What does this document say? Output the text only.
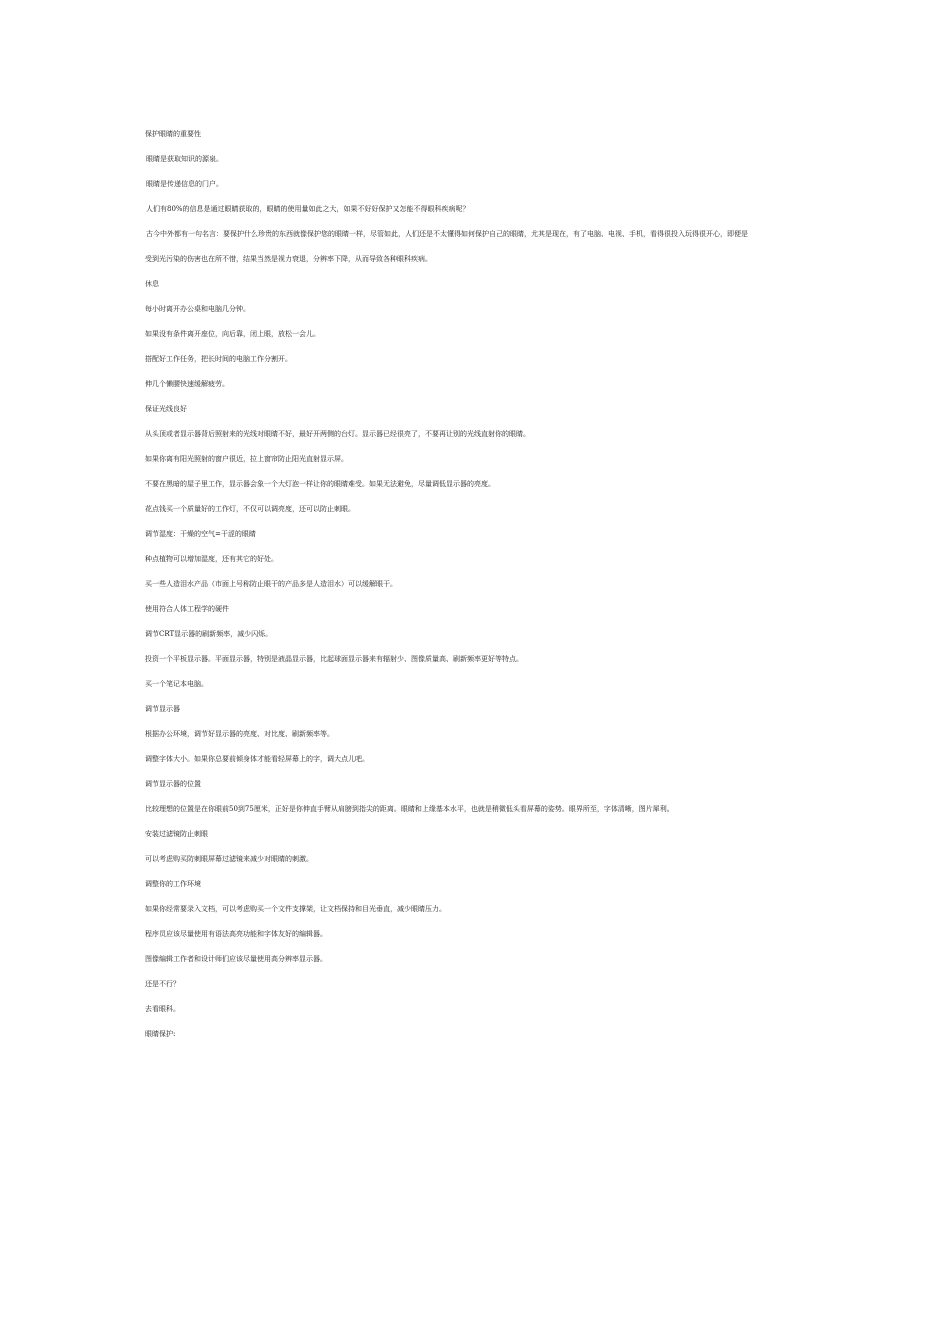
保护眼睛的重要性
眼睛是获取知识的源泉。
眼睛是传递信息的门户。
人们有80%的信息是通过眼睛获取的，眼睛的使用量如此之大，如果不好好保护又怎能不得眼科疾病呢？
古今中外都有一句名言：要保护什么珍贵的东西就像保护您的眼睛一样，尽管如此，人们还是不太懂得如何保护自己的眼睛，尤其是现在，有了电脑、电视、手机，看得很投入玩得很开心，即便是
受到光污染的伤害也在所不惜，结果当然是视力衰退，分辨率下降，从而导致各种眼科疾病。
休息
每小时离开办公桌和电脑几分钟。
如果没有条件离开座位，向后靠，闭上眼，放松一会儿。
搭配好工作任务，把长时间的电脑工作分割开。
伸几个懒腰快速缓解疲劳。
保证光线良好
从头顶或者显示器背后照射来的光线对眼睛不好，最好开两侧的台灯。显示器已经很亮了，不要再让别的光线直射你的眼睛。
如果你离有阳光照射的窗户很近，拉上窗帘防止阳光直射显示屏。
不要在黑暗的屋子里工作，显示器会象一个大灯泡一样让你的眼睛难受。如果无法避免，尽量调低显示器的亮度。
花点钱买一个质量好的工作灯，不仅可以调亮度，还可以防止刺眼。
调节湿度：干燥的空气=干涩的眼睛
种点植物可以增加湿度，还有其它的好处。
买一些人造泪水产品（市面上号称防止眼干的产品多是人造泪水）可以缓解眼干。
使用符合人体工程学的硬件
调节CRT显示器的刷新频率，减少闪烁。
投资一个平板显示器。平面显示器，特别是液晶显示器，比起球面显示器来有辐射少、图像质量高、刷新频率更好等特点。
买一个笔记本电脑。
调节显示器
根据办公环境，调节好显示器的亮度、对比度、刷新频率等。
调整字体大小。如果你总要前倾身体才能看轻屏幕上的字，调大点儿吧。
调节显示器的位置
比较理想的位置是在你眼前50到75厘米，正好是你伸直手臂从肩膀到指尖的距离。眼睛和上缘基本水平，也就是稍微低头看屏幕的姿势。眼界所至，字体清晰，图片犀利。
安装过滤镜防止刺眼
可以考虑购买防刺眼屏幕过滤镜来减少对眼睛的刺激。
调整你的工作环境
如果你经常要录入文档，可以考虑购买一个文件支撑架，让文档保持和目光垂直，减少眼睛压力。
程序员应该尽量使用有语法高亮功能和字体友好的编辑器。
图像编辑工作者和设计师们应该尽量使用高分辨率显示器。
还是不行？
去看眼科。
眼睛保护:
